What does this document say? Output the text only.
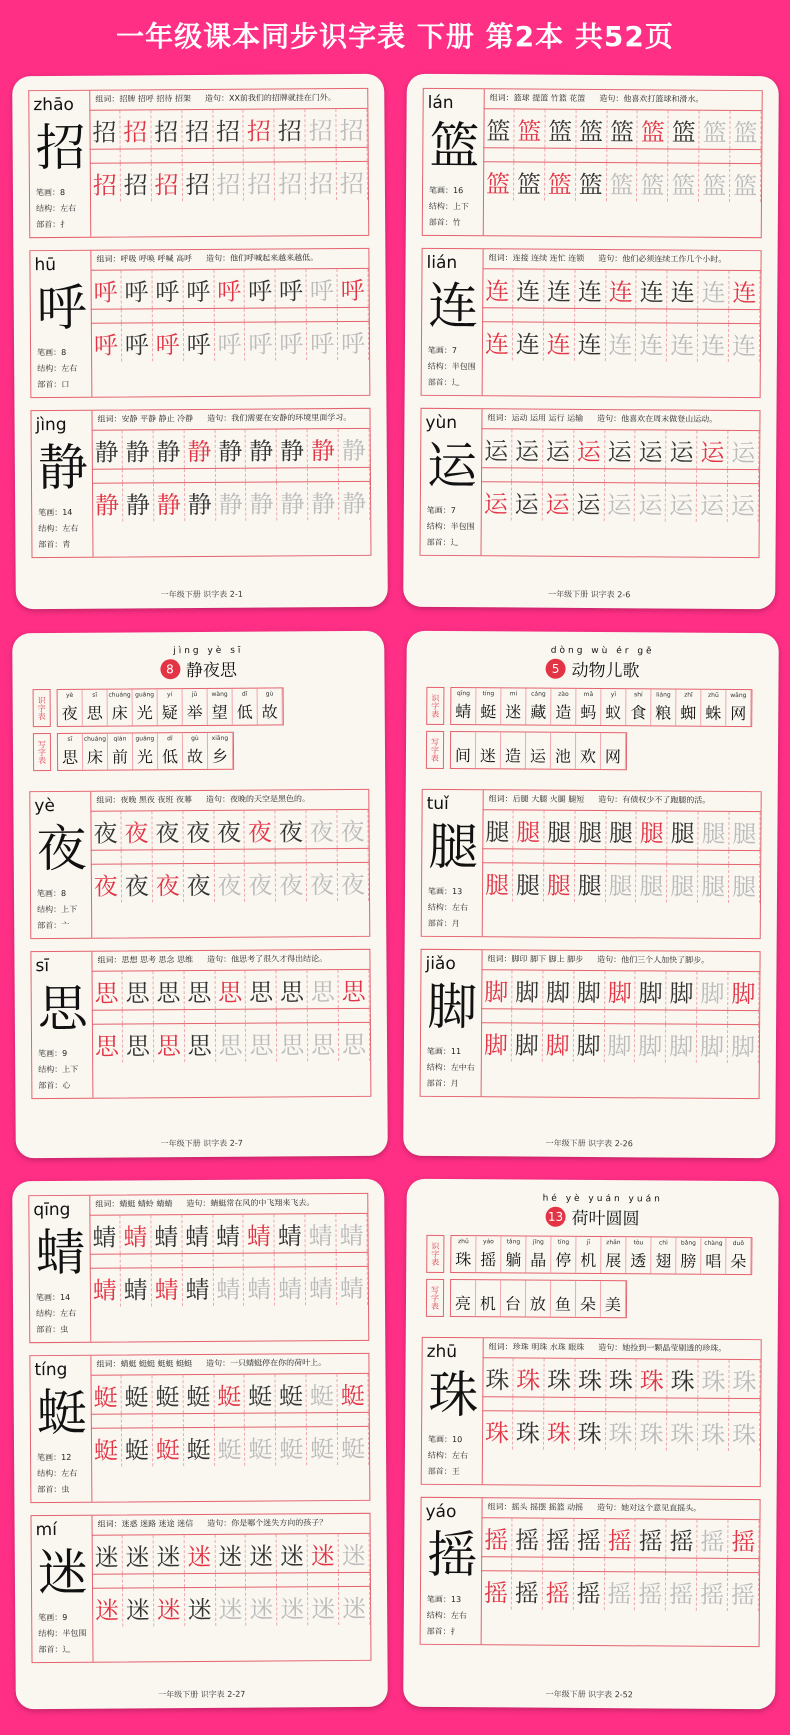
一年级课本同步识字表 下册 第2本 共52页
zhāo
招
笔画：8
结构：左右
部首：扌
组词：招牌 招呼 招待 招架 造句：XX前我们的招牌就挂在门外。
招 招 招 招 招 招 招 招 招
招 招 招 招 招 招 招 招 招
hū
呼
笔画：8
结构：左右
部首：口
组词：呼吸 呼唤 呼喊 高呼 造句：他们呼喊起来越来越低。
呼 呼 呼 呼 呼 呼 呼 呼 呼
呼 呼 呼 呼 呼 呼 呼 呼 呼
jìng
静
笔画：14
结构：左右
部首：青
组词：安静 平静 静止 冷静 造句：我们需要在安静的环境里面学习。
静 静 静 静 静 静 静 静 静
静 静 静 静 静 静 静 静 静
一年级下册 识字表 2-1
lán
篮
笔画：16
结构：上下
部首：竹
组词：篮球 提篮 竹篮 花篮 造句：他喜欢打篮球和滑水。
篮 篮 篮 篮 篮 篮 篮 篮 篮
篮 篮 篮 篮 篮 篮 篮 篮 篮
lián
连
笔画：7
结构：半包围
部首：辶
组词：连接 连续 连忙 连锁 造句：他们必须连续工作几个小时。
连 连 连 连 连 连 连 连 连
连 连 连 连 连 连 连 连 连
yùn
运
笔画：7
结构：半包围
部首：辶
组词：运动 运用 运行 运输 造句：他喜欢在周末做登山运动。
运 运 运 运 运 运 运 运 运
运 运 运 运 运 运 运 运 运
一年级下册 识字表 2-6
jìng yè sī
8 静夜思
识字表
yè
夜
sī
思
chuáng
床
guāng
光
yí
疑
jǔ
举
wàng
望
dī
低
gù
故
写字表
sī
思
chuáng
床
qián
前
guāng
光
dī
低
gù
故
xiāng
乡
yè
夜
笔画：8
结构：上下
部首：亠
组词：夜晚 黑夜 夜班 夜幕 造句：夜晚的天空是黑色的。
夜 夜 夜 夜 夜 夜 夜 夜 夜
夜 夜 夜 夜 夜 夜 夜 夜 夜
sī
思
笔画：9
结构：上下
部首：心
组词：思想 思考 思念 思维 造句：他思考了很久才得出结论。
思 思 思 思 思 思 思 思 思
思 思 思 思 思 思 思 思 思
一年级下册 识字表 2-7
dòng wù ér gē
5 动物儿歌
识字表
qīng
蜻
tíng
蜓
mí
迷
cáng
藏
zào
造
mǎ
蚂
yǐ
蚁
shí
食
liáng
粮
zhī
蜘
zhū
蛛
wǎng
网
写字表 间 迷 造 运 池 欢 网
tuǐ
腿
笔画：13
结构：左右
部首：月
组词：后腿 大腿 火腿 腿短 造句：有债权少不了跑腿的活。
腿 腿 腿 腿 腿 腿 腿 腿 腿
腿 腿 腿 腿 腿 腿 腿 腿 腿
jiǎo
脚
笔画：11
结构：左中右
部首：月
组词：脚印 脚下 脚上 脚步 造句：他们三个人加快了脚步。
脚 脚 脚 脚 脚 脚 脚 脚 脚
脚 脚 脚 脚 脚 脚 脚 脚 脚
一年级下册 识字表 2-26
qīng
蜻
笔画：14
结构：左右
部首：虫
组词：蜻蜓 蜻蛉 蜻蜻 造句：蜻蜓常在风的中飞翔来飞去。
蜻 蜻 蜻 蜻 蜻 蜻 蜻 蜻 蜻
蜻 蜻 蜻 蜻 蜻 蜻 蜻 蜻 蜻
tíng
蜓
笔画：12
结构：左右
部首：虫
组词：蜻蜓 蜓蜓 蜓蜓 蜓蜓 造句：一只蜻蜓停在你的荷叶上。
蜓 蜓 蜓 蜓 蜓 蜓 蜓 蜓 蜓
蜓 蜓 蜓 蜓 蜓 蜓 蜓 蜓 蜓
mí
迷
笔画：9
结构：半包围
部首：辶
组词：迷惑 迷路 迷途 迷信 造句：你是哪个迷失方向的孩子？
迷 迷 迷 迷 迷 迷 迷 迷 迷
迷 迷 迷 迷 迷 迷 迷 迷 迷
一年级下册 识字表 2-27
hé yè yuán yuán
13 荷叶圆圆
识字表
zhū
珠
yáo
摇
tǎng
躺
jīng
晶
tíng
停
jī
机
zhǎn
展
tòu
透
chì
翅
bǎng
膀
chàng
唱
duǒ
朵
写字表 亮 机 台 放 鱼 朵 美
zhū
珠
笔画：10
结构：左右
部首：王
组词：珍珠 明珠 水珠 眼珠 造句：她捡到一颗晶莹剔透的珍珠。
珠 珠 珠 珠 珠 珠 珠 珠 珠
珠 珠 珠 珠 珠 珠 珠 珠 珠
yáo
摇
笔画：13
结构：左右
部首：扌
组词：摇头 摇摆 摇篮 动摇 造句：她对这个意见直摇头。
摇 摇 摇 摇 摇 摇 摇 摇 摇
摇 摇 摇 摇 摇 摇 摇 摇 摇
一年级下册 识字表 2-52
